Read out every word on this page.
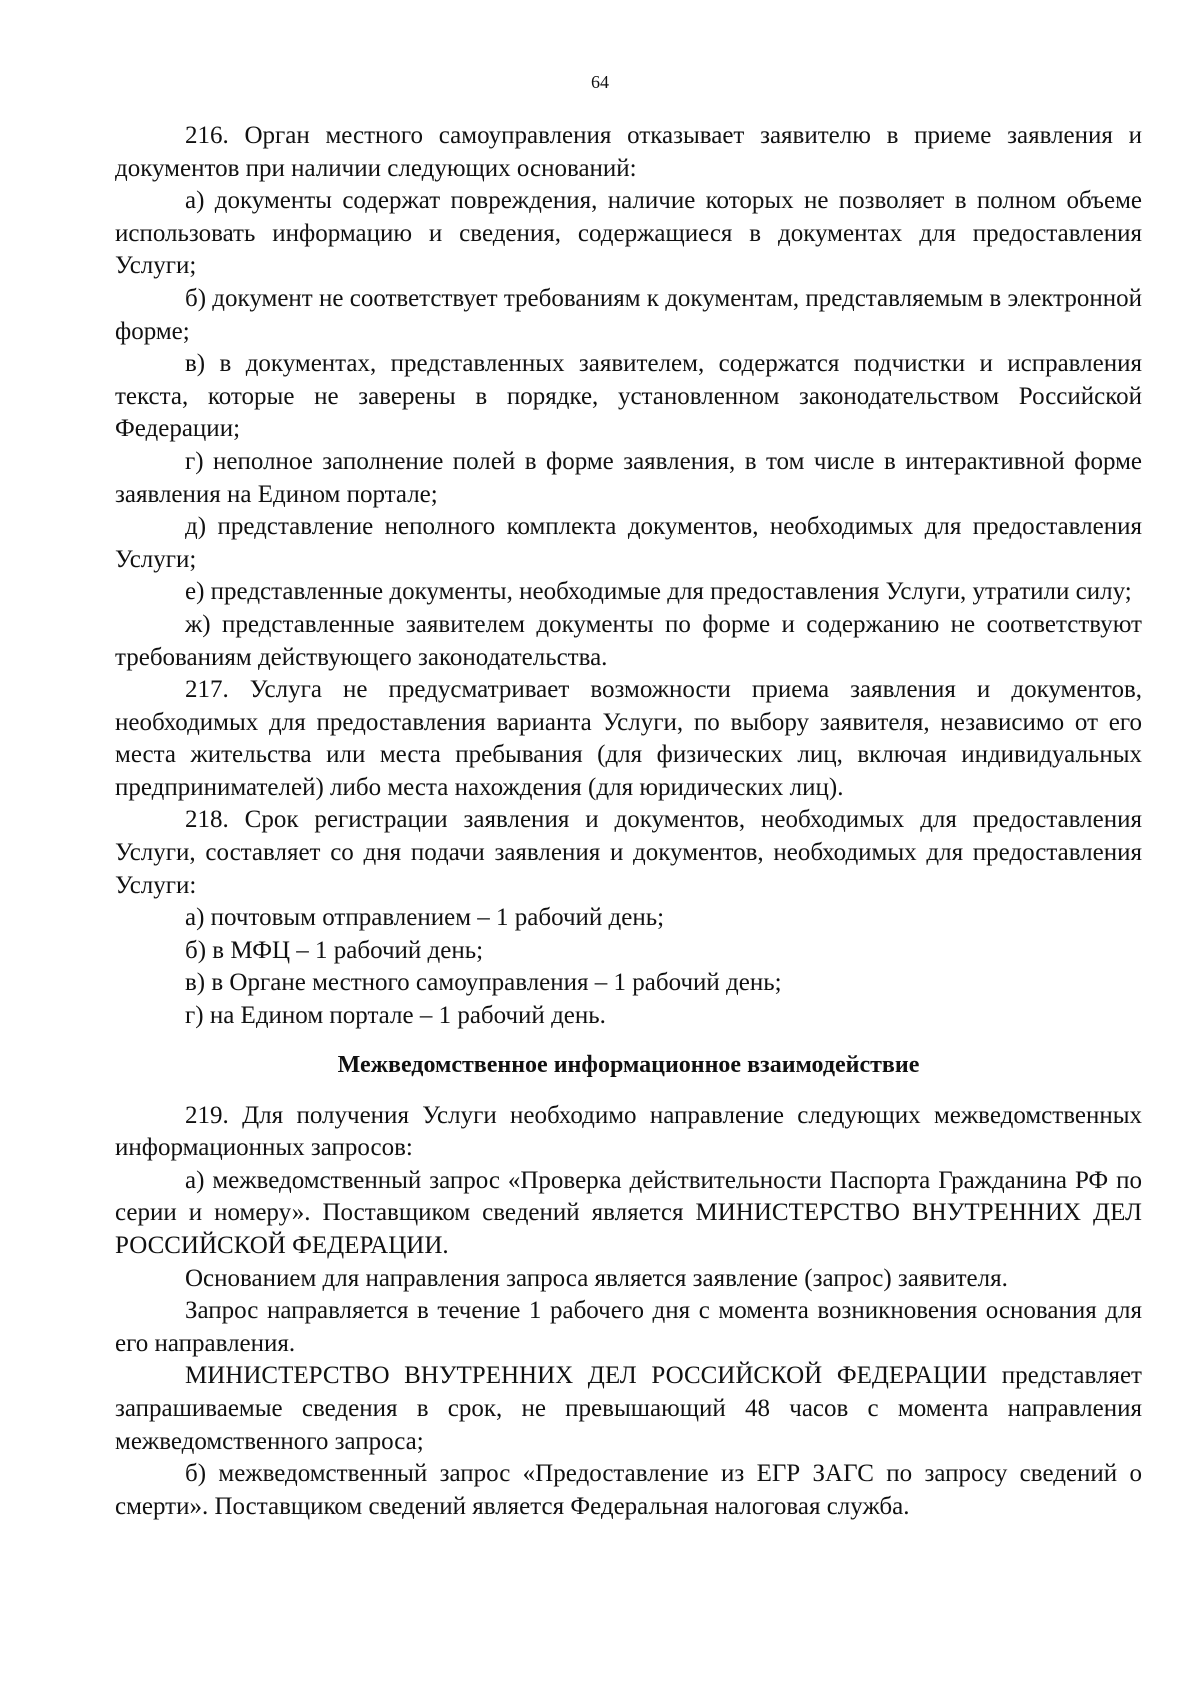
64

216. Орган местного самоуправления отказывает заявителю в приеме заявления и документов при наличии следующих оснований:

а) документы содержат повреждения, наличие которых не позволяет в полном объеме использовать информацию и сведения, содержащиеся в документах для предоставления Услуги;

б) документ не соответствует требованиям к документам, представляемым в электронной форме;

в) в документах, представленных заявителем, содержатся подчистки и исправления текста, которые не заверены в порядке, установленном законодательством Российской Федерации;

г) неполное заполнение полей в форме заявления, в том числе в интерактивной форме заявления на Едином портале;

д) представление неполного комплекта документов, необходимых для предоставления Услуги;

е) представленные документы, необходимые для предоставления Услуги, утратили силу;

ж) представленные заявителем документы по форме и содержанию не соответствуют требованиям действующего законодательства.

217. Услуга не предусматривает возможности приема заявления и документов, необходимых для предоставления варианта Услуги, по выбору заявителя, независимо от его места жительства или места пребывания (для физических лиц, включая индивидуальных предпринимателей) либо места нахождения (для юридических лиц).

218. Срок регистрации заявления и документов, необходимых для предоставления Услуги, составляет со дня подачи заявления и документов, необходимых для предоставления Услуги:

а) почтовым отправлением – 1 рабочий день;

б) в МФЦ – 1 рабочий день;

в) в Органе местного самоуправления – 1 рабочий день;

г) на Едином портале – 1 рабочий день.

Межведомственное информационное взаимодействие

219. Для получения Услуги необходимо направление следующих межведомственных информационных запросов:

а) межведомственный запрос «Проверка действительности Паспорта Гражданина РФ по серии и номеру». Поставщиком сведений является МИНИСТЕРСТВО ВНУТРЕННИХ ДЕЛ РОССИЙСКОЙ ФЕДЕРАЦИИ.

Основанием для направления запроса является заявление (запрос) заявителя.

Запрос направляется в течение 1 рабочего дня с момента возникновения основания для его направления.

МИНИСТЕРСТВО ВНУТРЕННИХ ДЕЛ РОССИЙСКОЙ ФЕДЕРАЦИИ представляет запрашиваемые сведения в срок, не превышающий 48 часов с момента направления межведомственного запроса;

б) межведомственный запрос «Предоставление из ЕГР ЗАГС по запросу сведений о смерти». Поставщиком сведений является Федеральная налоговая служба.
